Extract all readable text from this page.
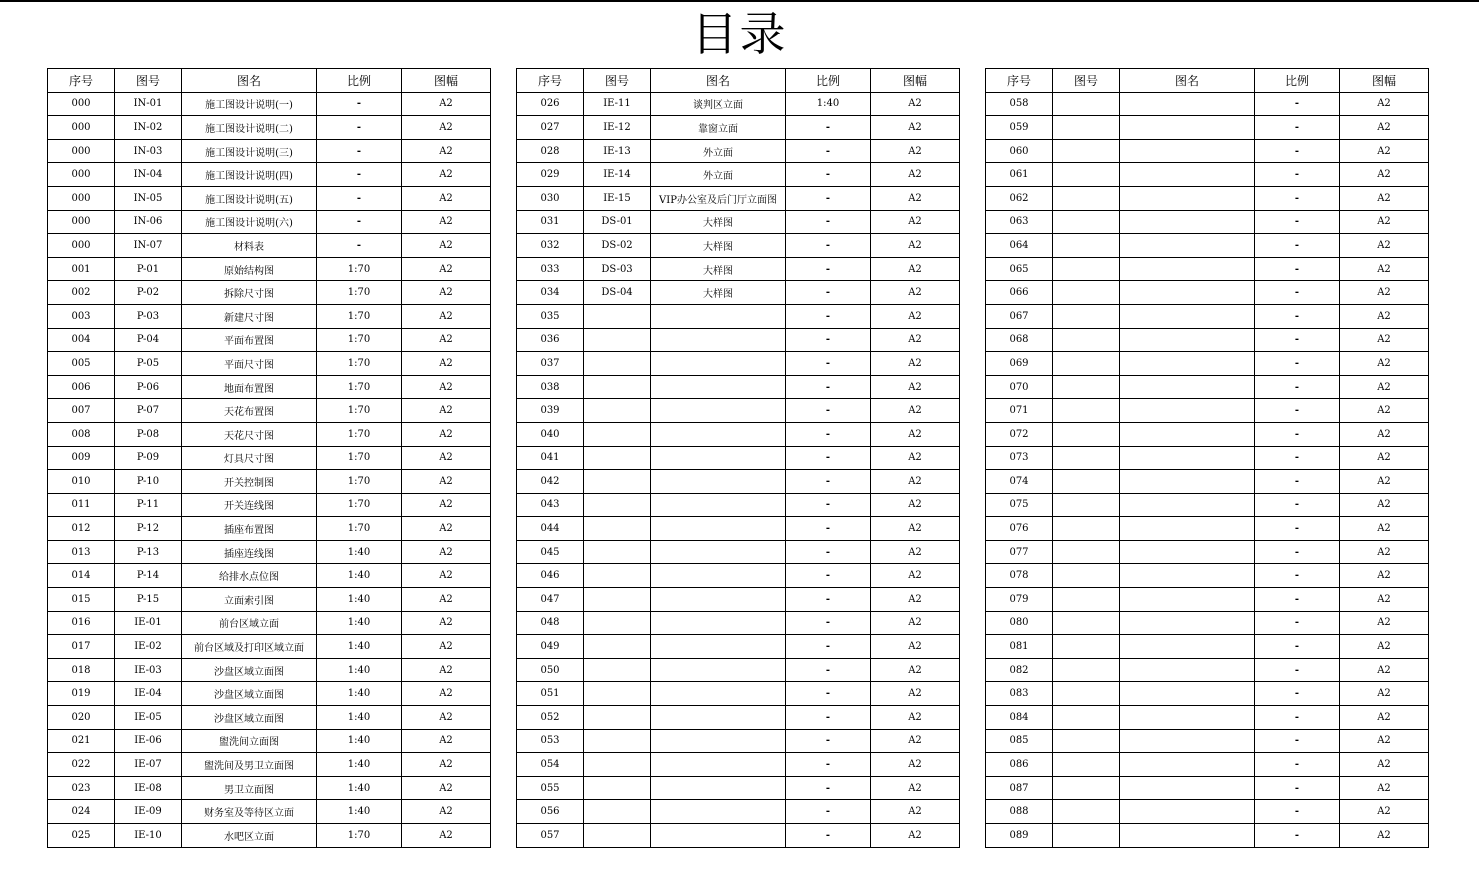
目录
序号	图号	图名	比例	图幅
000	IN-01	施工图设计说明(一)	-	A2
000	IN-02	施工图设计说明(二)	-	A2
000	IN-03	施工图设计说明(三)	-	A2
000	IN-04	施工图设计说明(四)	-	A2
000	IN-05	施工图设计说明(五)	-	A2
000	IN-06	施工图设计说明(六)	-	A2
000	IN-07	材料表	-	A2
001	P-01	原始结构图	1:70	A2
002	P-02	拆除尺寸图	1:70	A2
003	P-03	新建尺寸图	1:70	A2
004	P-04	平面布置图	1:70	A2
005	P-05	平面尺寸图	1:70	A2
006	P-06	地面布置图	1:70	A2
007	P-07	天花布置图	1:70	A2
008	P-08	天花尺寸图	1:70	A2
009	P-09	灯具尺寸图	1:70	A2
010	P-10	开关控制图	1:70	A2
011	P-11	开关连线图	1:70	A2
012	P-12	插座布置图	1:70	A2
013	P-13	插座连线图	1:40	A2
014	P-14	给排水点位图	1:40	A2
015	P-15	立面索引图	1:40	A2
016	IE-01	前台区域立面	1:40	A2
017	IE-02	前台区域及打印区域立面	1:40	A2
018	IE-03	沙盘区域立面图	1:40	A2
019	IE-04	沙盘区域立面图	1:40	A2
020	IE-05	沙盘区域立面图	1:40	A2
021	IE-06	盥洗间立面图	1:40	A2
022	IE-07	盥洗间及男卫立面图	1:40	A2
023	IE-08	男卫立面图	1:40	A2
024	IE-09	财务室及等待区立面	1:40	A2
025	IE-10	水吧区立面	1:70	A2
序号	图号	图名	比例	图幅
026	IE-11	谈判区立面	1:40	A2
027	IE-12	靠窗立面	-	A2
028	IE-13	外立面	-	A2
029	IE-14	外立面	-	A2
030	IE-15	VIP办公室及后门厅立面图	-	A2
031	DS-01	大样图	-	A2
032	DS-02	大样图	-	A2
033	DS-03	大样图	-	A2
034	DS-04	大样图	-	A2
035			-	A2
036			-	A2
037			-	A2
038			-	A2
039			-	A2
040			-	A2
041			-	A2
042			-	A2
043			-	A2
044			-	A2
045			-	A2
046			-	A2
047			-	A2
048			-	A2
049			-	A2
050			-	A2
051			-	A2
052			-	A2
053			-	A2
054			-	A2
055			-	A2
056			-	A2
057			-	A2
序号	图号	图名	比例	图幅
058			-	A2
059			-	A2
060			-	A2
061			-	A2
062			-	A2
063			-	A2
064			-	A2
065			-	A2
066			-	A2
067			-	A2
068			-	A2
069			-	A2
070			-	A2
071			-	A2
072			-	A2
073			-	A2
074			-	A2
075			-	A2
076			-	A2
077			-	A2
078			-	A2
079			-	A2
080			-	A2
081			-	A2
082			-	A2
083			-	A2
084			-	A2
085			-	A2
086			-	A2
087			-	A2
088			-	A2
089			-	A2
